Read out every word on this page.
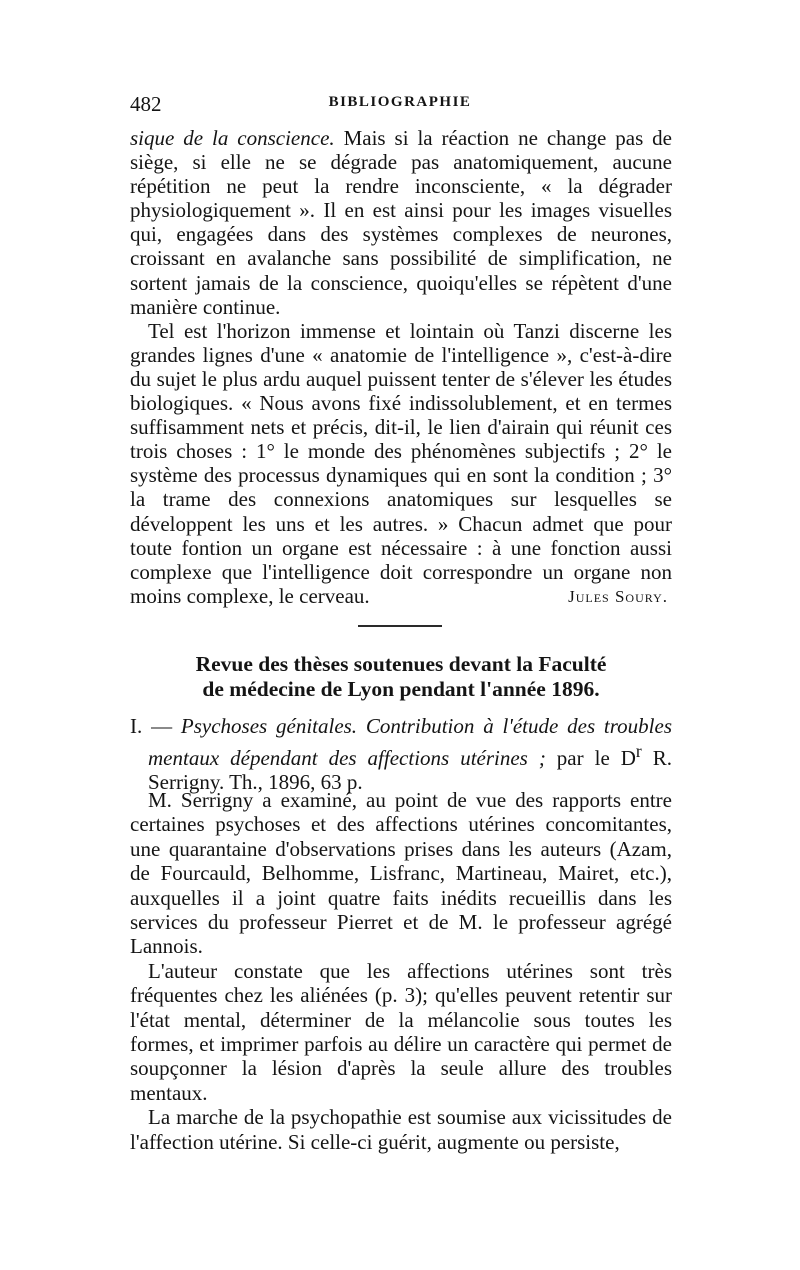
482	BIBLIOGRAPHIE

sique de la conscience. Mais si la réaction ne change pas de siège, si elle ne se dégrade pas anatomiquement, aucune répétition ne peut la rendre inconsciente, « la dégrader physiologiquement ». Il en est ainsi pour les images visuelles qui, engagées dans des systèmes complexes de neurones, croissant en avalanche sans possibilité de simplification, ne sortent jamais de la conscience, quoiqu'elles se répètent d'une manière continue.

Tel est l'horizon immense et lointain où Tanzi discerne les grandes lignes d'une « anatomie de l'intelligence », c'est-à-dire du sujet le plus ardu auquel puissent tenter de s'élever les études biologiques. « Nous avons fixé indissolublement, et en termes suffisamment nets et précis, dit-il, le lien d'airain qui réunit ces trois choses : 1° le monde des phénomènes subjectifs ; 2° le système des processus dynamiques qui en sont la condition ; 3° la trame des connexions anatomiques sur lesquelles se développent les uns et les autres. » Chacun admet que pour toute fontion un organe est nécessaire : à une fonction aussi complexe que l'intelligence doit correspondre un organe non moins complexe, le cerveau.	Jules Soury.
Revue des thèses soutenues devant la Faculté
de médecine de Lyon pendant l'année 1896.
I. — Psychoses génitales. Contribution à l'étude des troubles mentaux dépendant des affections utérines ; par le $D^r$ R. Serrigny. Th., 1896, 63 p.

M. Serrigny a examiné, au point de vue des rapports entre certaines psychoses et des affections utérines concomitantes, une quarantaine d'observations prises dans les auteurs (Azam, de Fourcauld, Belhomme, Lisfranc, Martineau, Mairet, etc.), auxquelles il a joint quatre faits inédits recueillis dans les services du professeur Pierret et de M. le professeur agrégé Lannois.

L'auteur constate que les affections utérines sont très fréquentes chez les aliénées (p. 3); qu'elles peuvent retentir sur l'état mental, déterminer de la mélancolie sous toutes les formes, et imprimer parfois au délire un caractère qui permet de soupçonner la lésion d'après la seule allure des troubles mentaux.

La marche de la psychopathie est soumise aux vicissitudes de l'affection utérine. Si celle-ci guérit, augmente ou persiste,
